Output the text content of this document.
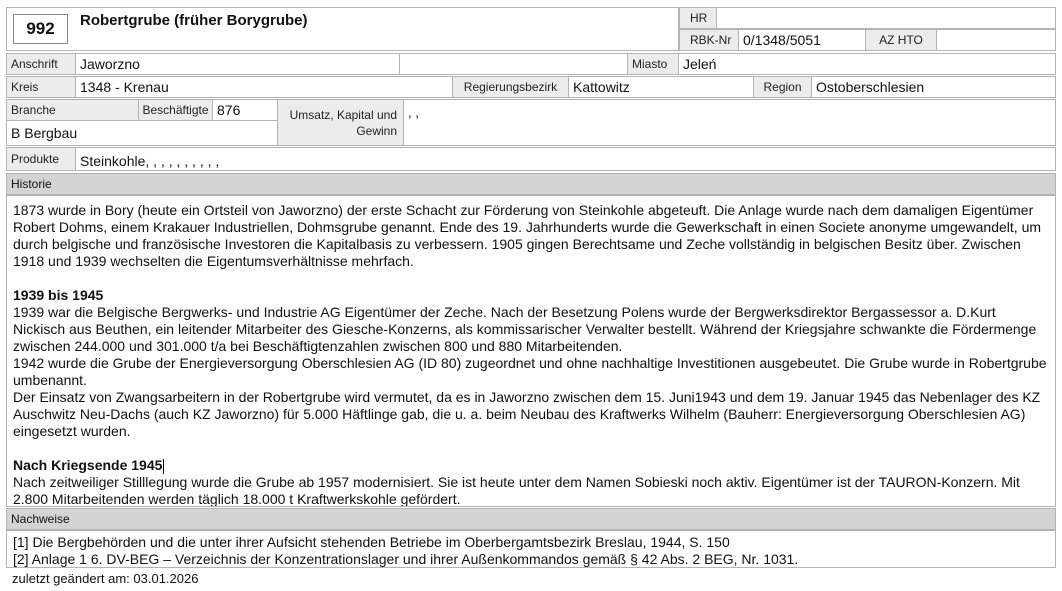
992	Robertgrube (früher Borygrube)	HR
RBK-Nr 0/1348/5051	AZ HTO
Anschrift	Jaworzno	Miasto	Jeleń
Kreis	1348 - Krenau	Regierungsbezirk	Kattowitz	Region	Ostoberschlesien
Branche	Beschäftigte 876
B Bergbau
Umsatz, Kapital und Gewinn
, ,
Produkte	Steinkohle, , , , , , , , , ,
Historie
1873 wurde in Bory (heute ein Ortsteil von Jaworzno) der erste Schacht zur Förderung von Steinkohle abgeteuft. Die Anlage wurde nach dem damaligen Eigentümer Robert Dohms, einem Krakauer Industriellen, Dohmsgrube genannt. Ende des 19. Jahrhunderts wurde die Gewerkschaft in einen Societe anonyme umgewandelt, um durch belgische und französische Investoren die Kapitalbasis zu verbessern. 1905 gingen Berechtsame und Zeche vollständig in belgischen Besitz über. Zwischen 1918 und 1939 wechselten die Eigentumsverhältnisse mehrfach.
1939 bis 1945
1939 war die Belgische Bergwerks- und Industrie AG Eigentümer der Zeche. Nach der Besetzung Polens wurde der Bergwerksdirektor Bergassessor a. D.Kurt Nickisch aus Beuthen, ein leitender Mitarbeiter des Giesche-Konzerns, als kommissarischer Verwalter bestellt. Während der Kriegsjahre schwankte die Fördermenge zwischen 244.000 und 301.000 t/a bei Beschäftigtenzahlen zwischen 800 und 880 Mitarbeitenden.
1942 wurde die Grube der Energieversorgung Oberschlesien AG (ID 80) zugeordnet und ohne nachhaltige Investitionen ausgebeutet. Die Grube wurde in Robertgrube umbenannt.
Der Einsatz von Zwangsarbeitern in der Robertgrube wird vermutet, da es in Jaworzno zwischen dem 15. Juni1943 und dem 19. Januar 1945 das Nebenlager des KZ Auschwitz Neu-Dachs (auch KZ Jaworzno) für 5.000 Häftlinge gab, die u. a. beim Neubau des Kraftwerks Wilhelm (Bauherr: Energieversorgung Oberschlesien AG) eingesetzt wurden.
Nach Kriegsende 1945
Nach zeitweiliger Stilllegung wurde die Grube ab 1957 modernisiert. Sie ist heute unter dem Namen Sobieski noch aktiv. Eigentümer ist der TAURON-Konzern. Mit 2.800 Mitarbeitenden werden täglich 18.000 t Kraftwerkskohle gefördert.
Nachweise
[1] Die Bergbehörden und die unter ihrer Aufsicht stehenden Betriebe im Oberbergamtsbezirk Breslau, 1944, S. 150
[2] Anlage 1 6. DV-BEG – Verzeichnis der Konzentrationslager und ihrer Außenkommandos gemäß § 42 Abs. 2 BEG, Nr. 1031.
zuletzt geändert am: 03.01.2026
